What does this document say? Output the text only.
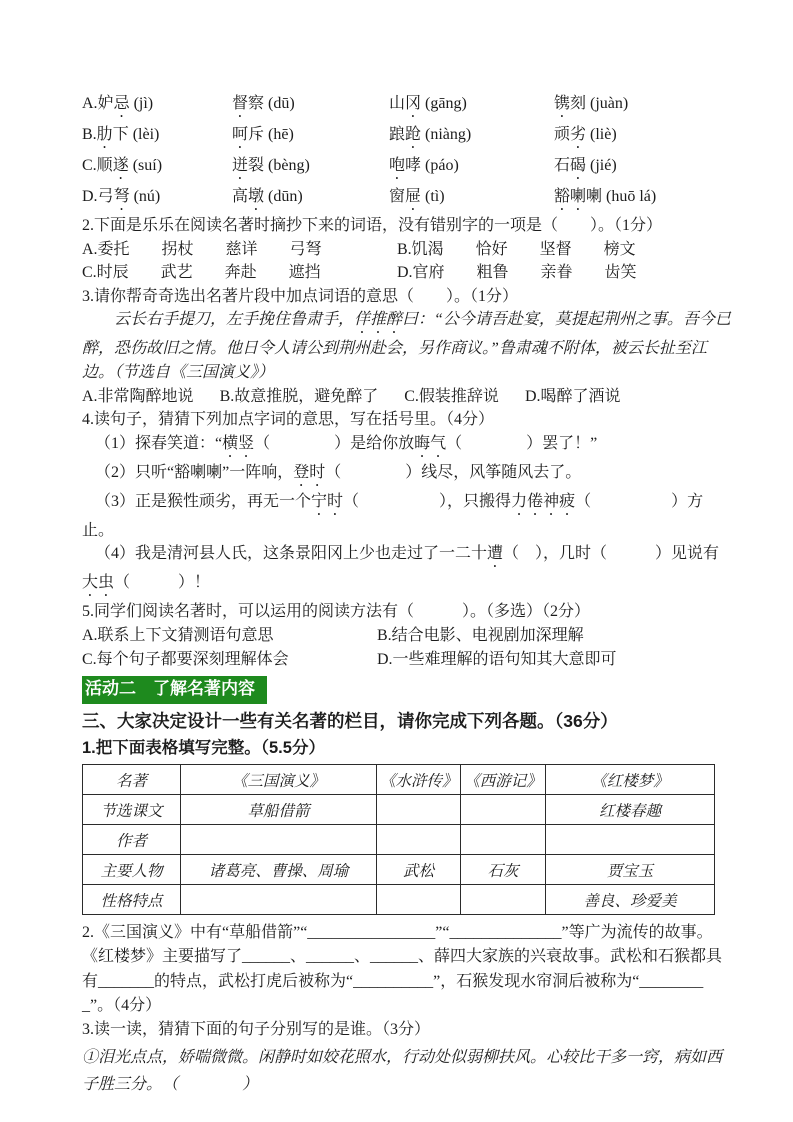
A.妒忌 (jì)	督察 (dū)	山冈 (gāng)	镌刻 (juàn)
B.肋下 (lèi)	呵斥 (hē)	踉跄 (niàng)	顽劣 (liè)
C.顺遂 (suí)	迸裂 (bèng)	咆哮 (páo)	石碣 (jié)
D.弓弩 (nú)	高墩 (dūn)	窗屉 (tì)	豁喇喇 (huō lá)
2.下面是乐乐在阅读名著时摘抄下来的词语，没有错别字的一项是（　　）。（1分）
A.委托　　拐杖　　慈详　　弓弩	B.饥渴　　恰好　　坚督　　榜文
C.时辰　　武艺　　奔赴　　遮挡	D.官府　　粗鲁　　亲眷　　齿笑
3.请你帮奇奇选出名著片段中加点词语的意思（　　）。（1分）
云长右手提刀，左手挽住鲁肃手，佯推醉曰：“公今请吾赴宴，莫提起荆州之事。吾今已醉，恐伤故旧之情。他日令人请公到荆州赴会，另作商议。”鲁肃魂不附体，被云长扯至江边。（节选自《三国演义》）
A.非常陶醉地说 B.故意推脱，避免醉了 C.假装推辞说 D.喝醉了酒说
4.读句子，猜猜下列加点字词的意思，写在括号里。（4分）
（1）探春笑道：“横竖（　　　　）是给你放晦气（　　　　）罢了！”
（2）只听“豁喇喇”一阵响，登时（　　　　）线尽，风筝随风去了。
（3）正是猴性顽劣，再无一个宁时（　　　　　），只搬得力倦神疲（　　　　　）方止。
（4）我是清河县人氏，这条景阳冈上少也走过了一二十遭（　），几时（　　　）见说有大虫（　　　）！
5.同学们阅读名著时，可以运用的阅读方法有（　　　）。（多选）（2分）
A.联系上下文猜测语句意思	B.结合电影、电视剧加深理解
C.每个句子都要深刻理解体会	D.一些难理解的语句知其大意即可
活动二　了解名著内容
三、大家决定设计一些有关名著的栏目，请你完成下列各题。（36分）
1.把下面表格填写完整。（5.5分）
名著	《三国演义》	《水浒传》	《西游记》	《红楼梦》
节选课文	草船借箭			红楼春趣
作者				
主要人物	诸葛亮、曹操、周瑜	武松	石灰	贾宝玉
性格特点				善良、珍爱美
2.《三国演义》中有“草船借箭”“________________”“______________”等广为流传的故事。《红楼梦》主要描写了______、______、______、薛四大家族的兴衰故事。武松和石猴都具有_______的特点，武松打虎后被称为“__________”，石猴发现水帘洞后被称为“_________”。（4分）
3.读一读，猜猜下面的句子分别写的是谁。（3分）
①泪光点点，娇喘微微。闲静时如姣花照水，行动处似弱柳扶风。心较比干多一窍，病如西子胜三分。　（　　　　）
